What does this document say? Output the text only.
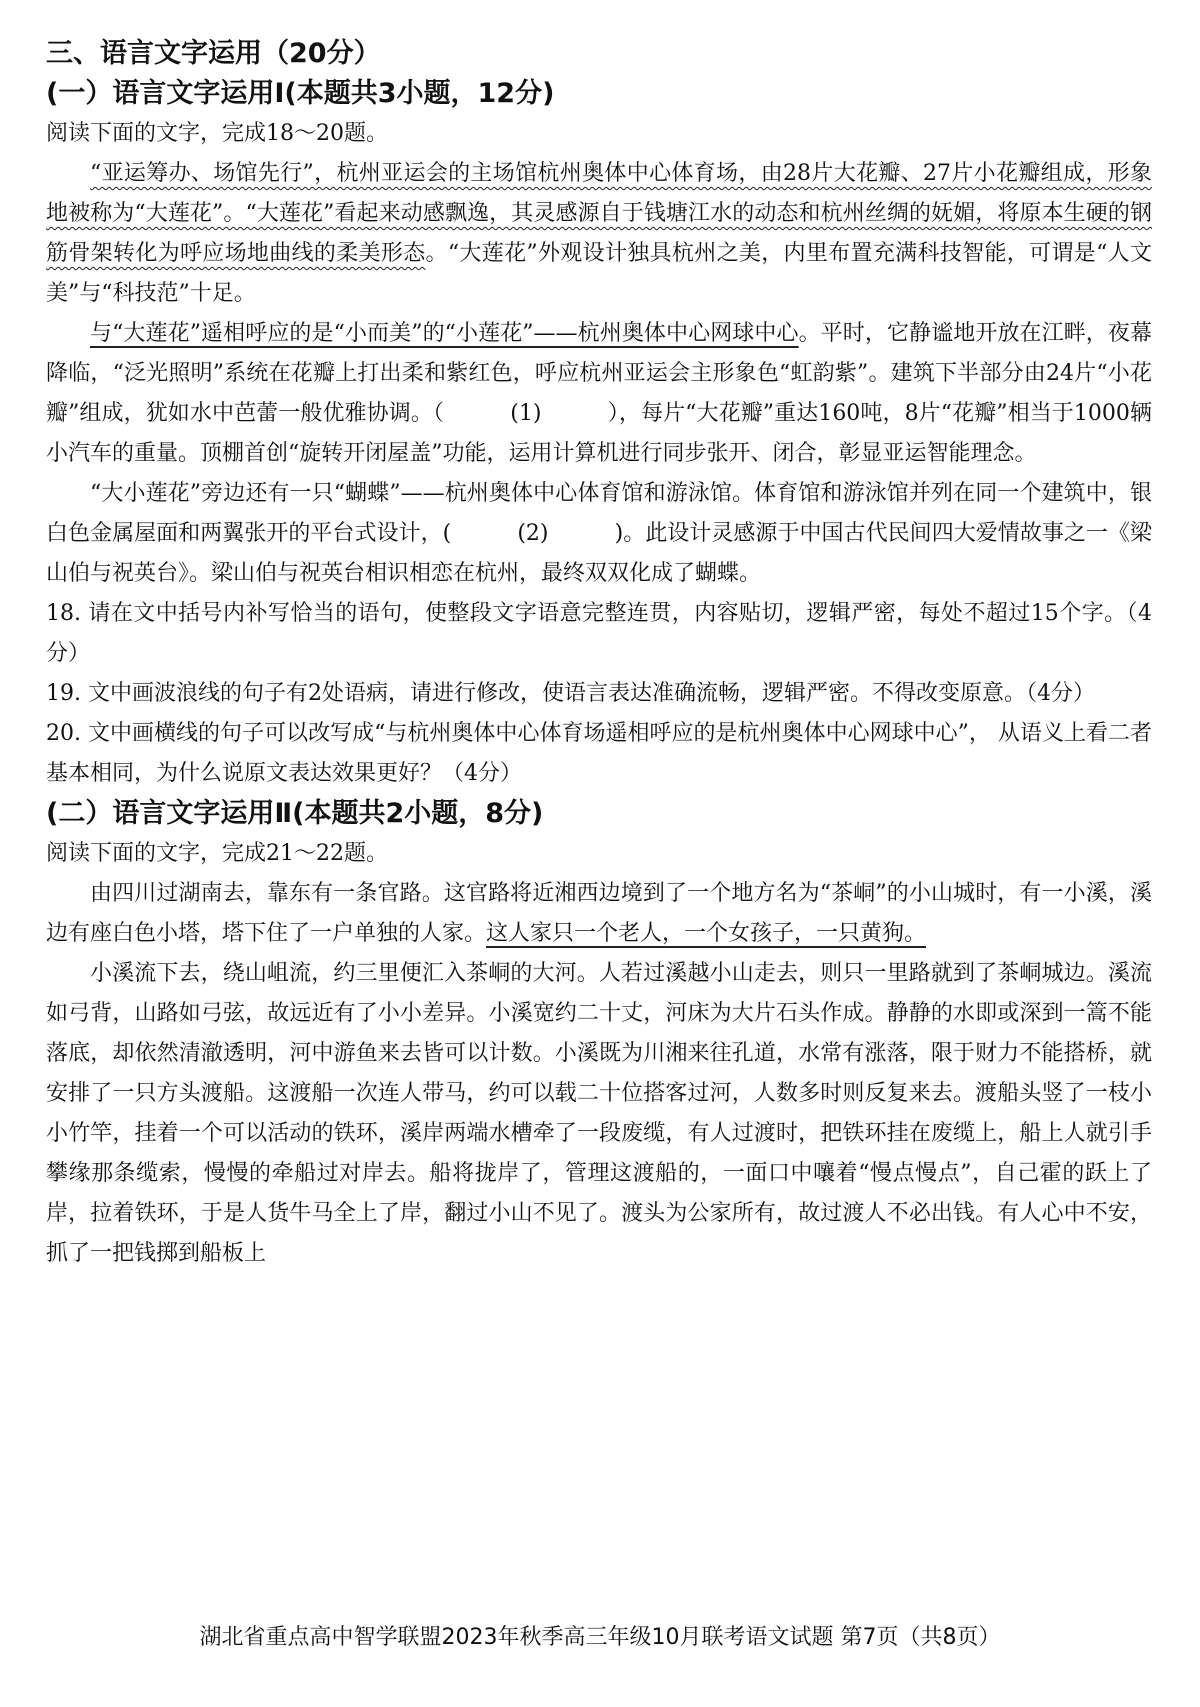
三、语言文字运用（20分）

(一）语言文字运用Ⅰ(本题共3小题，12分)

阅读下面的文字，完成18～20题。

“亚运筹办、场馆先行”，杭州亚运会的主场馆杭州奥体中心体育场，由28片大花瓣、27片小花瓣组成，形象地被称为“大莲花”。“大莲花”看起来动感飘逸，其灵感源自于钱塘江水的动态和杭州丝绸的妩媚，将原本生硬的钢筋骨架转化为呼应场地曲线的柔美形态。“大莲花”外观设计独具杭州之美，内里布置充满科技智能，可谓是“人文美”与“科技范”十足。

与“大莲花”遥相呼应的是“小而美”的“小莲花”——杭州奥体中心网球中心。平时，它静谧地开放在江畔，夜幕降临，“泛光照明”系统在花瓣上打出柔和紫红色，呼应杭州亚运会主形象色“虹韵紫”。建筑下半部分由24片“小花瓣”组成，犹如水中芭蕾一般优雅协调。（　　　(1)　　　），每片“大花瓣”重达160吨，8片“花瓣”相当于1000辆小汽车的重量。顶棚首创“旋转开闭屋盖”功能，运用计算机进行同步张开、闭合，彰显亚运智能理念。

“大小莲花”旁边还有一只“蝴蝶”——杭州奥体中心体育馆和游泳馆。体育馆和游泳馆并列在同一个建筑中，银白色金属屋面和两翼张开的平台式设计，(　　　(2)　　　)。此设计灵感源于中国古代民间四大爱情故事之一《梁山伯与祝英台》。梁山伯与祝英台相识相恋在杭州，最终双双化成了蝴蝶。

18. 请在文中括号内补写恰当的语句，使整段文字语意完整连贯，内容贴切，逻辑严密，每处不超过15个字。（4分）

19. 文中画波浪线的句子有2处语病，请进行修改，使语言表达准确流畅，逻辑严密。不得改变原意。（4分）

20. 文中画横线的句子可以改写成“与杭州奥体中心体育场遥相呼应的是杭州奥体中心网球中心”， 从语义上看二者基本相同，为什么说原文表达效果更好？（4分）

(二）语言文字运用Ⅱ(本题共2小题，8分)

阅读下面的文字，完成21～22题。

由四川过湖南去，靠东有一条官路。这官路将近湘西边境到了一个地方名为“茶峒”的小山城时，有一小溪，溪边有座白色小塔，塔下住了一户单独的人家。这人家只一个老人，一个女孩子，一只黄狗。

小溪流下去，绕山岨流，约三里便汇入茶峒的大河。人若过溪越小山走去，则只一里路就到了茶峒城边。溪流如弓背，山路如弓弦，故远近有了小小差异。小溪宽约二十丈，河床为大片石头作成。静静的水即或深到一篙不能落底，却依然清澈透明，河中游鱼来去皆可以计数。小溪既为川湘来往孔道，水常有涨落，限于财力不能搭桥，就安排了一只方头渡船。这渡船一次连人带马，约可以载二十位搭客过河，人数多时则反复来去。渡船头竖了一枝小小竹竿，挂着一个可以活动的铁环，溪岸两端水槽牵了一段废缆，有人过渡时，把铁环挂在废缆上，船上人就引手攀缘那条缆索，慢慢的牵船过对岸去。船将拢岸了，管理这渡船的，一面口中嚷着“慢点慢点”，自己霍的跃上了岸，拉着铁环，于是人货牛马全上了岸，翻过小山不见了。渡头为公家所有，故过渡人不必出钱。有人心中不安，抓了一把钱掷到船板上

湖北省重点高中智学联盟2023年秋季高三年级10月联考语文试题 第7页（共8页）
